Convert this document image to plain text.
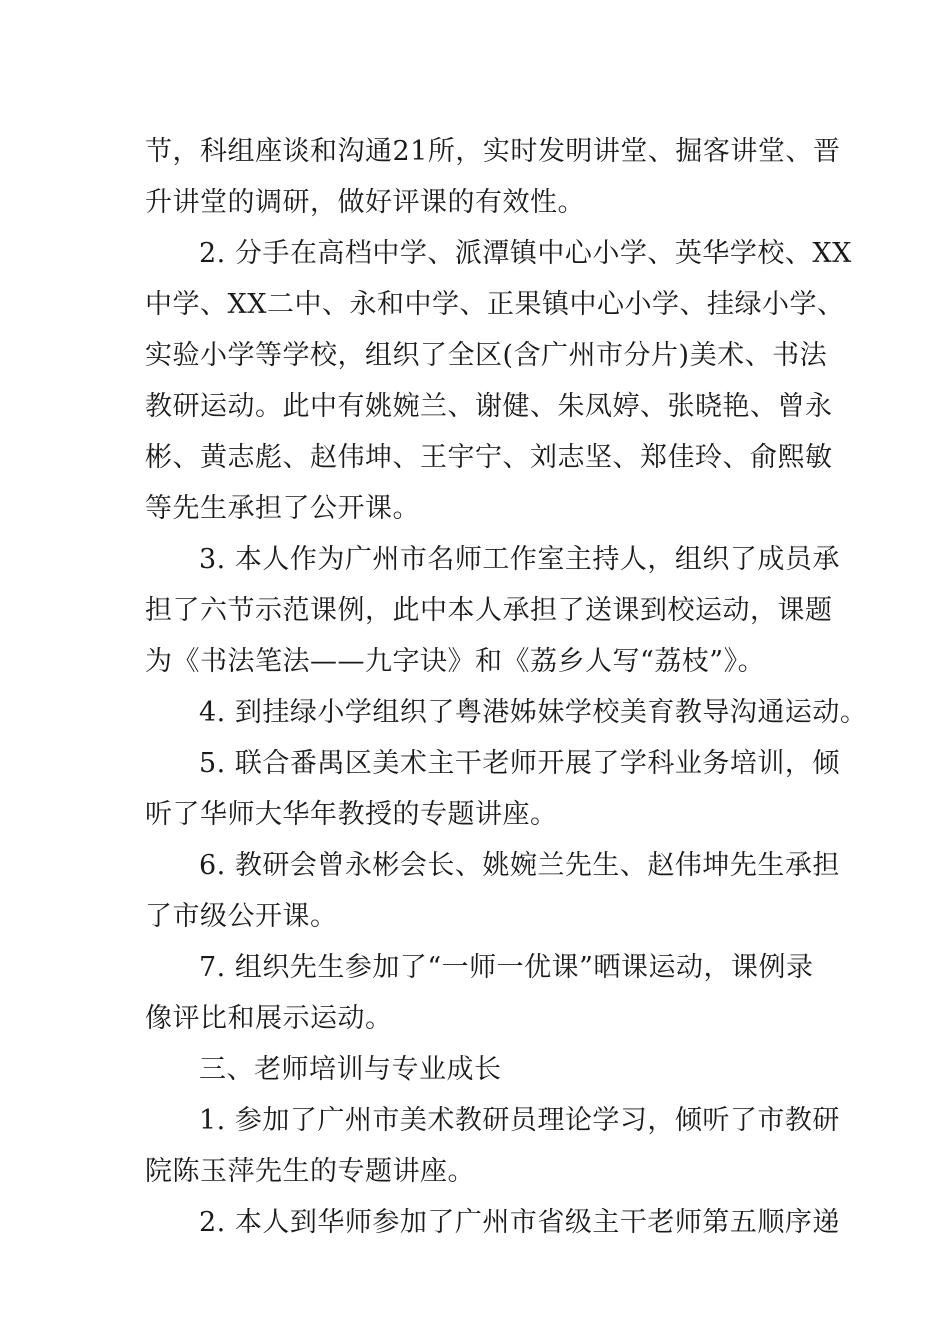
节，科组座谈和沟通21所，实时发明讲堂、掘客讲堂、晋
升讲堂的调研，做好评课的有效性。
2. 分手在高档中学、派潭镇中心小学、英华学校、XX
中学、XX二中、永和中学、正果镇中心小学、挂绿小学、
实验小学等学校，组织了全区(含广州市分片)美术、书法
教研运动。此中有姚婉兰、谢健、朱凤婷、张晓艳、曾永
彬、黄志彪、赵伟坤、王宇宁、刘志坚、郑佳玲、俞熙敏
等先生承担了公开课。
3. 本人作为广州市名师工作室主持人，组织了成员承
担了六节示范课例，此中本人承担了送课到校运动，课题
为《书法笔法——九字诀》和《荔乡人写“荔枝”》。
4. 到挂绿小学组织了粤港姊妹学校美育教导沟通运动。
5. 联合番禺区美术主干老师开展了学科业务培训，倾
听了华师大华年教授的专题讲座。
6. 教研会曾永彬会长、姚婉兰先生、赵伟坤先生承担
了市级公开课。
7. 组织先生参加了“一师一优课”晒课运动，课例录
像评比和展示运动。
三、老师培训与专业成长
1. 参加了广州市美术教研员理论学习，倾听了市教研
院陈玉萍先生的专题讲座。
2. 本人到华师参加了广州市省级主干老师第五顺序递
